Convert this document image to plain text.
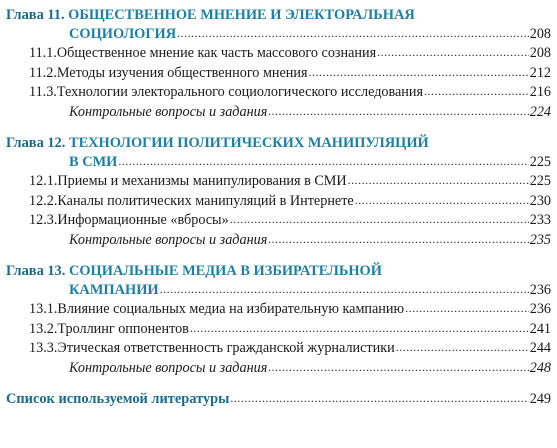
Глава 11. ОБЩЕСТВЕННОЕ МНЕНИЕ И ЭЛЕКТОРАЛЬНАЯ
СОЦИОЛОГИЯ .....	208
11.1. Общественное мнение как часть массового сознания .....	208
11.2. Методы изучения общественного мнения .....	212
11.3. Технологии электорального социологического исследования .....	216
Контрольные вопросы и задания .....	224
Глава 12. ТЕХНОЛОГИИ ПОЛИТИЧЕСКИХ МАНИПУЛЯЦИЙ
В СМИ .....	225
12.1. Приемы и механизмы манипулирования в СМИ .....	225
12.2. Каналы политических манипуляций в Интернете .....	230
12.3. Информационные «вбросы» .....	233
Контрольные вопросы и задания .....	235
Глава 13. СОЦИАЛЬНЫЕ МЕДИА В ИЗБИРАТЕЛЬНОЙ
КАМПАНИИ .....	236
13.1. Влияние социальных медиа на избирательную кампанию .....	236
13.2. Троллинг оппонентов .....	241
13.3. Этическая ответственность гражданской журналистики .....	244
Контрольные вопросы и задания .....	248
Список используемой литературы .....	249
